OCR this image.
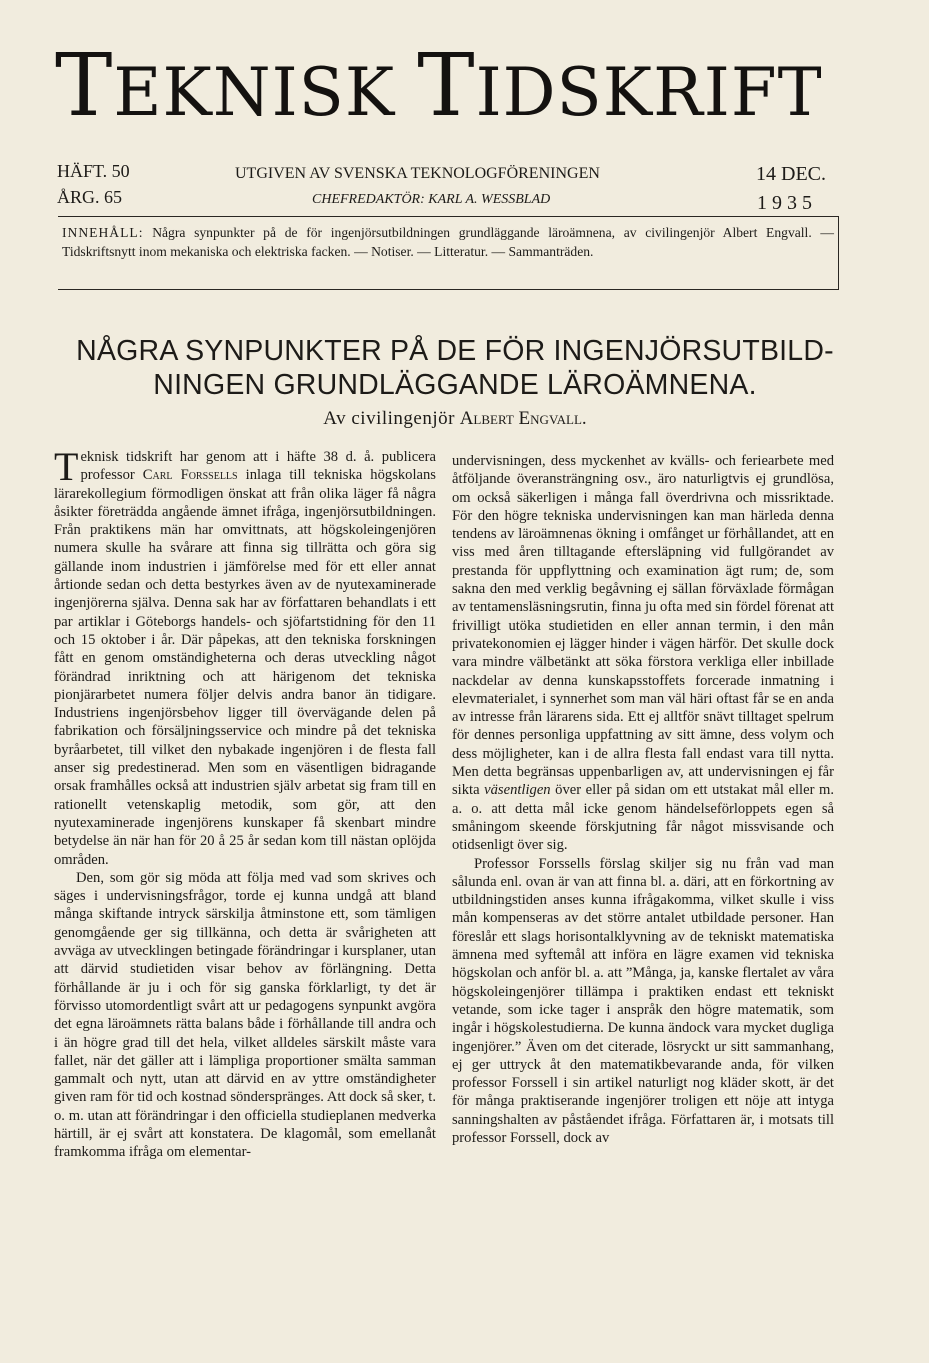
TEKNISK TIDSKRIFT
HÄFT. 50
ÅRG. 65
UTGIVEN AV SVENSKA TEKNOLOGFÖRENINGEN
CHEFREDAKTÖR: KARL A. WESSBLAD
14 DEC.
1 9 3 5

INNEHÅLL: Några synpunkter på de för ingenjörsutbildningen grundläggande läroämnena, av civilingenjör Albert Engvall. — Tidskriftsnytt inom mekaniska och elektriska facken. — Notiser. — Litteratur. — Sammanträden.

NÅGRA SYNPUNKTER PÅ DE FÖR INGENJÖRSUTBILD-
NINGEN GRUNDLÄGGANDE LÄROÄMNENA.
Av civilingenjör Albert Engvall.

Teknisk tidskrift har genom att i häfte 38 d. å. publicera professor Carl Forssells inlaga till tekniska högskolans lärarekollegium förmodligen önskat att från olika läger få några åsikter företrädda angående ämnet ifråga, ingenjörsutbildningen. Från praktikens män har omvittnats, att högskoleingenjören numera skulle ha svårare att finna sig tillrätta och göra sig gällande inom industrien i jämförelse med för ett eller annat årtionde sedan och detta bestyrkes även av de nyutexaminerade ingenjörerna själva. Denna sak har av författaren behandlats i ett par artiklar i Göteborgs handels- och sjöfartstidning för den 11 och 15 oktober i år. Där påpekas, att den tekniska forskningen fått en genom omständigheterna och deras utveckling något förändrad inriktning och att härigenom det tekniska pionjärarbetet numera följer delvis andra banor än tidigare. Industriens ingenjörsbehov ligger till övervägande delen på fabrikation och försäljningsservice och mindre på det tekniska byråarbetet, till vilket den nybakade ingenjören i de flesta fall anser sig predestinerad. Men som en väsentligen bidragande orsak framhålles också att industrien själv arbetat sig fram till en rationellt vetenskaplig metodik, som gör, att den nyutexaminerade ingenjörens kunskaper få skenbart mindre betydelse än när han för 20 å 25 år sedan kom till nästan oplöjda områden.

Den, som gör sig möda att följa med vad som skrives och säges i undervisningsfrågor, torde ej kunna undgå att bland många skiftande intryck särskilja åtminstone ett, som tämligen genomgående ger sig tillkänna, och detta är svårigheten att avväga av utvecklingen betingade förändringar i kursplaner, utan att därvid studietiden visar behov av förlängning. Detta förhållande är ju i och för sig ganska förklarligt, ty det är förvisso utomordentligt svårt att ur pedagogens synpunkt avgöra det egna läroämnets rätta balans både i förhållande till andra och i än högre grad till det hela, vilket alldeles särskilt måste vara fallet, när det gäller att i lämpliga proportioner smälta samman gammalt och nytt, utan att därvid en av yttre omständigheter given ram för tid och kostnad sönderspränges. Att dock så sker, t. o. m. utan att förändringar i den officiella studieplanen medverka härtill, är ej svårt att konstatera. De klagomål, som emellanåt framkomma ifråga om elementar-

undervisningen, dess myckenhet av kvälls- och feriearbete med åtföljande överansträngning osv., äro naturligtvis ej grundlösa, om också säkerligen i många fall överdrivna och missriktade. För den högre tekniska undervisningen kan man härleda denna tendens av läroämnenas ökning i omfånget ur förhållandet, att en viss med åren tilltagande eftersläpning vid fullgörandet av prestanda för uppflyttning och examination ägt rum; de, som sakna den med verklig begåvning ej sällan förväxlade förmågan av tentamensläsningsrutin, finna ju ofta med sin fördel förenat att frivilligt utöka studietiden en eller annan termin, i den mån privatekonomien ej lägger hinder i vägen härför. Det skulle dock vara mindre välbetänkt att söka förstora verkliga eller inbillade nackdelar av denna kunskapsstoffets forcerade inmatning i elevmaterialet, i synnerhet som man väl häri oftast får se en anda av intresse från lärarens sida. Ett ej alltför snävt tilltaget spelrum för dennes personliga uppfattning av sitt ämne, dess volym och dess möjligheter, kan i de allra flesta fall endast vara till nytta. Men detta begränsas uppenbarligen av, att undervisningen ej får sikta väsentligen över eller på sidan om ett utstakat mål eller m. a. o. att detta mål icke genom händelseförloppets egen så småningom skeende förskjutning får något missvisande och otidsenligt över sig.

Professor Forssells förslag skiljer sig nu från vad man sålunda enl. ovan är van att finna bl. a. däri, att en förkortning av utbildningstiden anses kunna ifrågakomma, vilket skulle i viss mån kompenseras av det större antalet utbildade personer. Han föreslår ett slags horisontalklyvning av de tekniskt matematiska ämnena med syftemål att införa en lägre examen vid tekniska högskolan och anför bl. a. att ”Många, ja, kanske flertalet av våra högskoleingenjörer tillämpa i praktiken endast ett tekniskt vetande, som icke tager i anspråk den högre matematik, som ingår i högskolestudierna. De kunna ändock vara mycket dugliga ingenjörer.” Även om det citerade, lösryckt ur sitt sammanhang, ej ger uttryck åt den matematikbevarande anda, för vilken professor Forssell i sin artikel naturligt nog kläder skott, är det för många praktiserande ingenjörer troligen ett nöje att intyga sanningshalten av påståendet ifråga. Författaren är, i motsats till professor Forssell, dock av
